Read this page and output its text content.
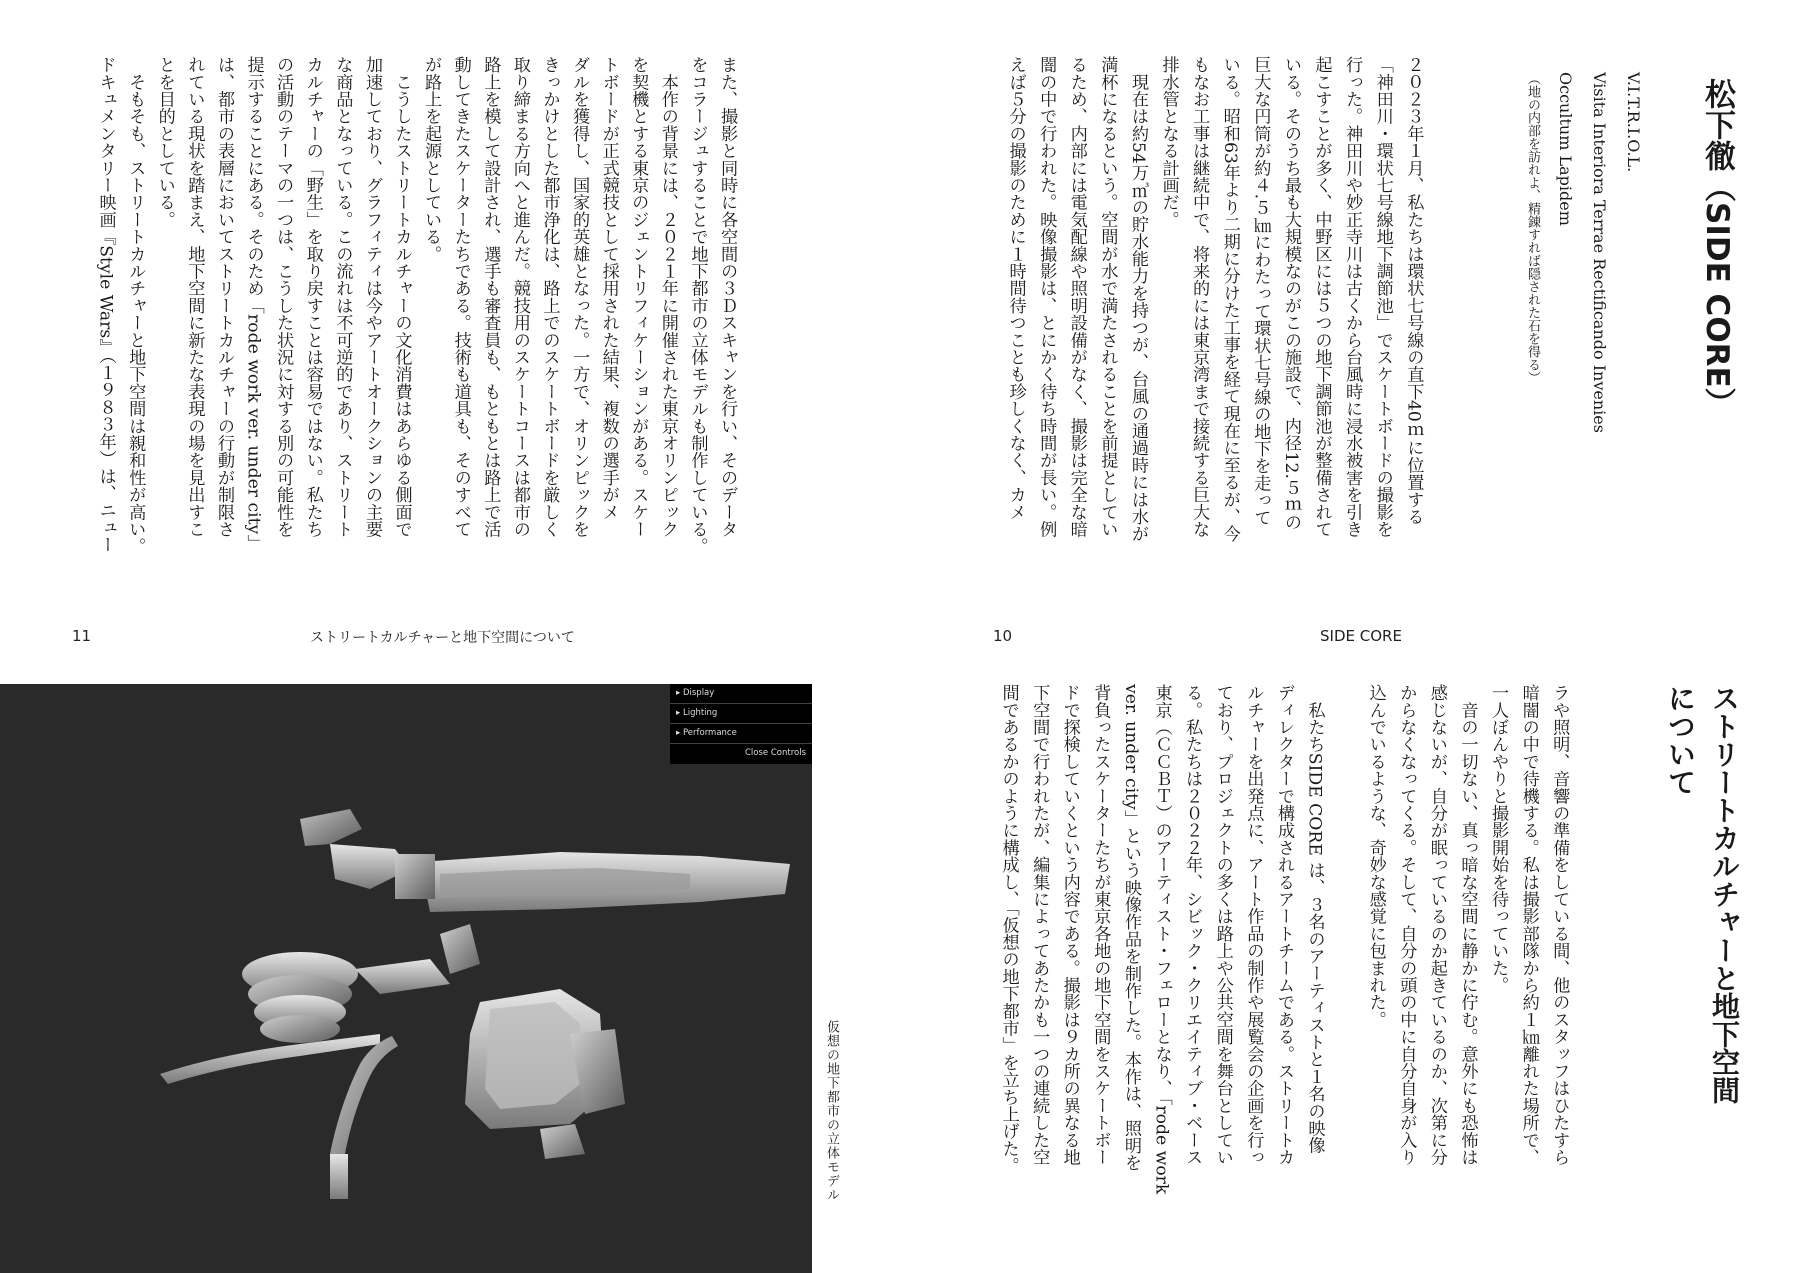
松下徹（SIDE CORE）
V.I.T.R.I.O.L.
Visita Interiora Terrae Rectificando Invenies
Occultum Lapidem
（地の内部を訪れよ、精錬すれば隠された石を得る）
２０２３年１月、私たちは環状七号線の直下40ｍに位置する
「神田川・環状七号線地下調節池」でスケートボードの撮影を
行った。神田川や妙正寺川は古くから台風時に浸水被害を引き
起こすことが多く、中野区には５つの地下調節池が整備されて
いる。そのうち最も大規模なのがこの施設で、内径12.５ｍの
巨大な円筒が約４.５㎞にわたって環状七号線の地下を走って
いる。昭和63年より二期に分けた工事を経て現在に至るが、今
もなお工事は継続中で、将来的には東京湾まで接続する巨大な
排水管となる計画だ。
　現在は約54万㎥の貯水能力を持つが、台風の通過時には水が
満杯になるという。空間が水で満たされることを前提としてい
るため、内部には電気配線や照明設備がなく、撮影は完全な暗
闇の中で行われた。映像撮影は、とにかく待ち時間が長い。例
えば５分の撮影のために１時間待つことも珍しくなく、カメ
10	SIDE CORE
11	ストリートカルチャーと地下空間について
ストリートカルチャーと地下空間
について
ラや照明、音響の準備をしている間、他のスタッフはひたすら
暗闇の中で待機する。私は撮影部隊から約１㎞離れた場所で、
一人ぼんやりと撮影開始を待っていた。
　音の一切ない、真っ暗な空間に静かに佇む。意外にも恐怖は
感じないが、自分が眠っているのか起きているのか、次第に分
からなくなってくる。そして、自分の頭の中に自分自身が入り
込んでいるような、奇妙な感覚に包まれた。

　私たちSIDE CORE は、３名のアーティストと１名の映像
ディレクターで構成されるアートチームである。ストリートカ
ルチャーを出発点に、アート作品の制作や展覧会の企画を行っ
ており、プロジェクトの多くは路上や公共空間を舞台としてい
る。私たちは２０２２年、シビック・クリエイティブ・ベース
東京（ＣＣＢＴ）のアーティスト・フェローとなり、「rode work
ver. under city」という映像作品を制作した。本作は、照明を
背負ったスケーターたちが東京各地の地下空間をスケートボー
ドで探検していくという内容である。撮影は９カ所の異なる地
下空間で行われたが、編集によってあたかも一つの連続した空
間であるかのように構成し、「仮想の地下都市」を立ち上げた。
また、撮影と同時に各空間の３Ｄスキャンを行い、そのデータ
をコラージュすることで地下都市の立体モデルも制作している。
　本作の背景には、２０２１年に開催された東京オリンピック
を契機とする東京のジェントリフィケーションがある。スケー
トボードが正式競技として採用された結果、複数の選手がメ
ダルを獲得し、国家的英雄となった。一方で、オリンピックを
きっかけとした都市浄化は、路上でのスケートボードを厳しく
取り締まる方向へと進んだ。競技用のスケートコースは都市の
路上を模して設計され、選手も審査員も、もともとは路上で活
動してきたスケーターたちである。技術も道具も、そのすべて
が路上を起源としている。
　こうしたストリートカルチャーの文化消費はあらゆる側面で
加速しており、グラフィティは今やアートオークションの主要
な商品となっている。この流れは不可逆的であり、ストリート
カルチャーの「野生」を取り戻すことは容易ではない。私たち
の活動のテーマの一つは、こうした状況に対する別の可能性を
提示することにある。そのため「rode work ver. under city」
は、都市の表層においてストリートカルチャーの行動が制限さ
れている現状を踏まえ、地下空間に新たな表現の場を見出すこ
とを目的としている。
　そもそも、ストリートカルチャーと地下空間は親和性が高い。
ドキュメンタリー映画『Style Wars』（１９８３年）は、ニュー
▸ Display
▸ Lighting
▸ Performance
Close Controls
仮想の地下都市の立体モデル
